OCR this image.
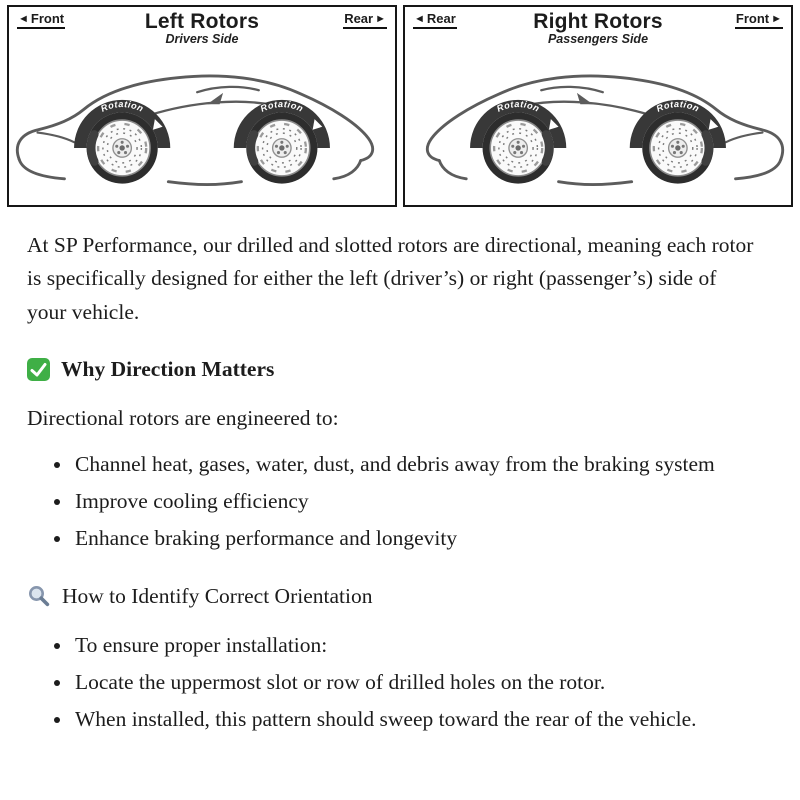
◄ Front	Left Rotors
Drivers Side
Rear ►
Rotation	Rotation
◄ Rear	Right Rotors
Passengers Side
Front ►
Rotation	Rotation

At SP Performance, our drilled and slotted rotors are directional, meaning each rotor is specifically designed for either the left (driver’s) or right (passenger’s) side of your vehicle.

Why Direction Matters

Directional rotors are engineered to:

• Channel heat, gases, water, dust, and debris away from the braking system
• Improve cooling efficiency
• Enhance braking performance and longevity
How to Identify Correct Orientation
• To ensure proper installation:
• Locate the uppermost slot or row of drilled holes on the rotor.
• When installed, this pattern should sweep toward the rear of the vehicle.
